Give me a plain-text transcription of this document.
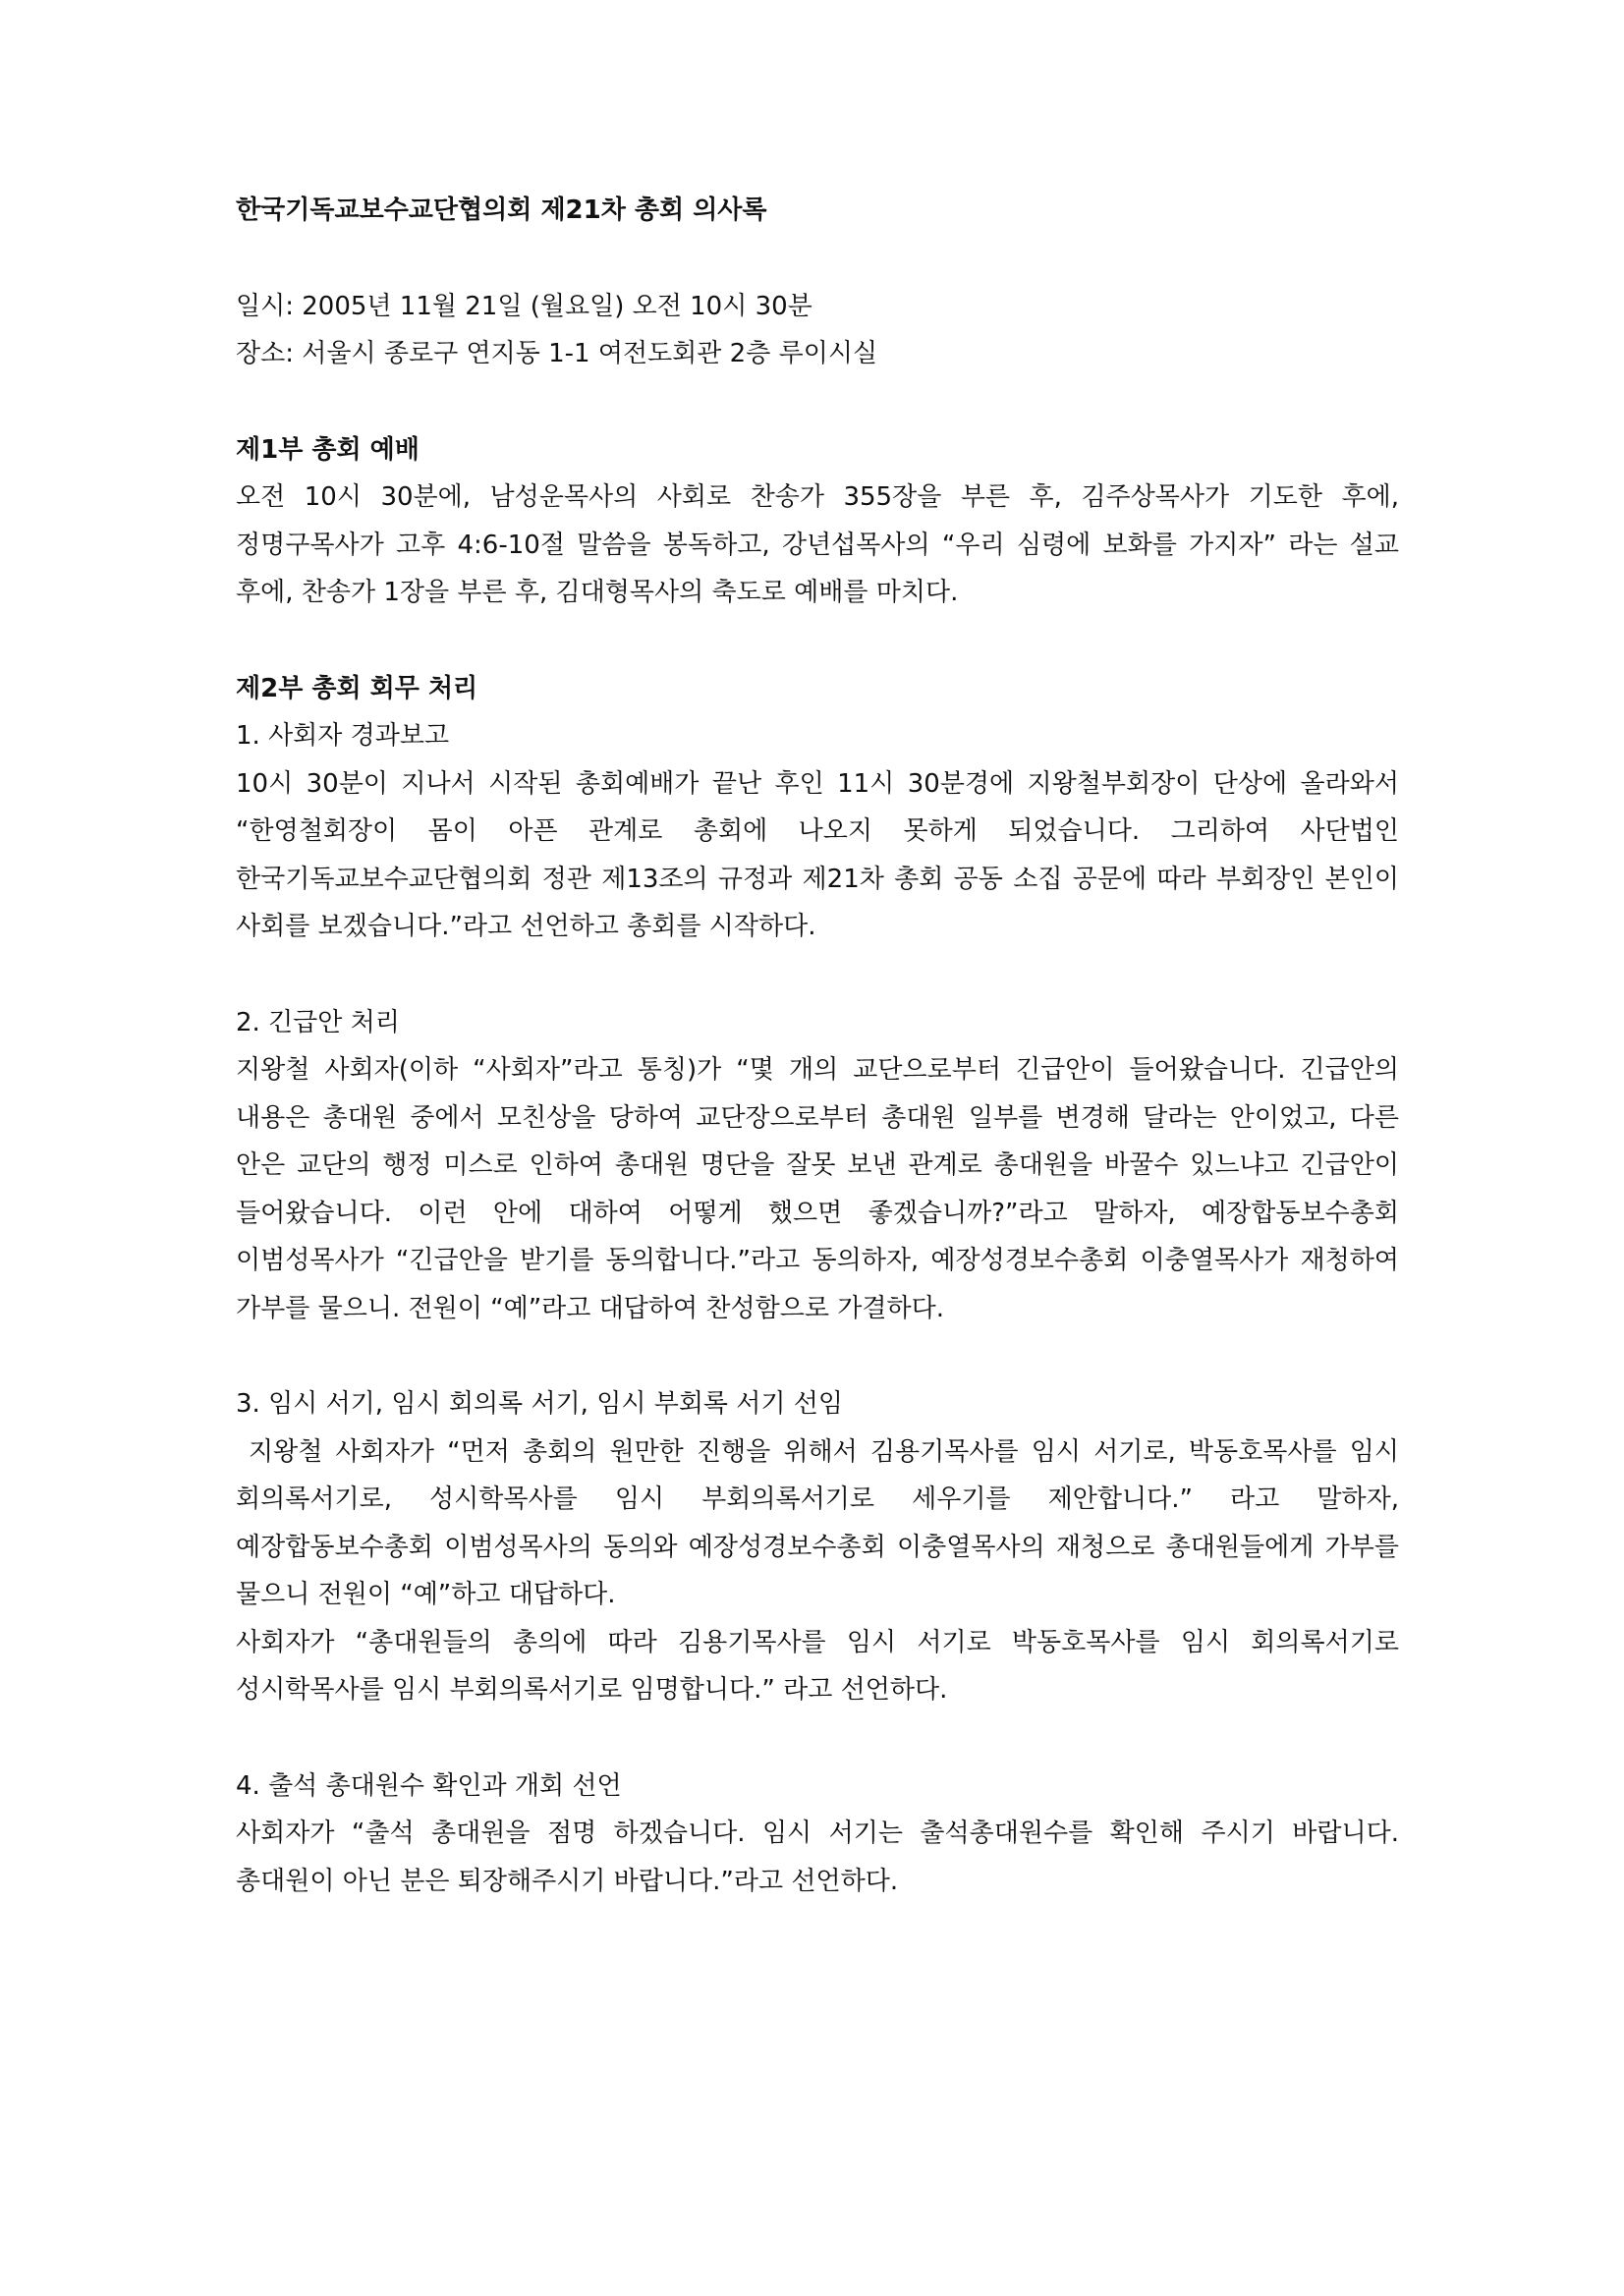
한국기독교보수교단협의회 제21차 총회 의사록

일시: 2005년 11월 21일 (월요일) 오전 10시 30분

장소: 서울시 종로구 연지동 1-1 여전도회관 2층 루이시실

제1부 총회 예배

오전 10시 30분에, 남성운목사의 사회로 찬송가 355장을 부른 후, 김주상목사가 기도한 후에, 정명구목사가 고후 4:6-10절 말씀을 봉독하고, 강년섭목사의 “우리 심령에 보화를 가지자” 라는 설교 후에, 찬송가 1장을 부른 후, 김대형목사의 축도로 예배를 마치다.

제2부 총회 회무 처리

1. 사회자 경과보고

10시 30분이 지나서 시작된 총회예배가 끝난 후인 11시 30분경에 지왕철부회장이 단상에 올라와서 “한영철회장이 몸이 아픈 관계로 총회에 나오지 못하게 되었습니다. 그리하여 사단법인 한국기독교보수교단협의회 정관 제13조의 규정과 제21차 총회 공동 소집 공문에 따라 부회장인 본인이 사회를 보겠습니다.”라고 선언하고 총회를 시작하다.

2. 긴급안 처리

지왕철 사회자(이하 “사회자”라고 통칭)가 “몇 개의 교단으로부터 긴급안이 들어왔습니다. 긴급안의 내용은 총대원 중에서 모친상을 당하여 교단장으로부터 총대원 일부를 변경해 달라는 안이었고, 다른 안은 교단의 행정 미스로 인하여 총대원 명단을 잘못 보낸 관계로 총대원을 바꿀수 있느냐고 긴급안이 들어왔습니다. 이런 안에 대하여 어떻게 했으면 좋겠습니까?”라고 말하자, 예장합동보수총회 이범성목사가 “긴급안을 받기를 동의합니다.”라고 동의하자, 예장성경보수총회 이충열목사가 재청하여 가부를 물으니. 전원이 “예”라고 대답하여 찬성함으로 가결하다.

3. 임시 서기, 임시 회의록 서기, 임시 부회록 서기 선임

지왕철 사회자가 “먼저 총회의 원만한 진행을 위해서 김용기목사를 임시 서기로, 박동호목사를 임시 회의록서기로, 성시학목사를 임시 부회의록서기로 세우기를 제안합니다.” 라고 말하자, 예장합동보수총회 이범성목사의 동의와 예장성경보수총회 이충열목사의 재청으로 총대원들에게 가부를 물으니 전원이 “예”하고 대답하다.

사회자가 “총대원들의 총의에 따라 김용기목사를 임시 서기로 박동호목사를 임시 회의록서기로 성시학목사를 임시 부회의록서기로 임명합니다.” 라고 선언하다.

4. 출석 총대원수 확인과 개회 선언

사회자가 “출석 총대원을 점명 하겠습니다. 임시 서기는 출석총대원수를 확인해 주시기 바랍니다. 총대원이 아닌 분은 퇴장해주시기 바랍니다.”라고 선언하다.
